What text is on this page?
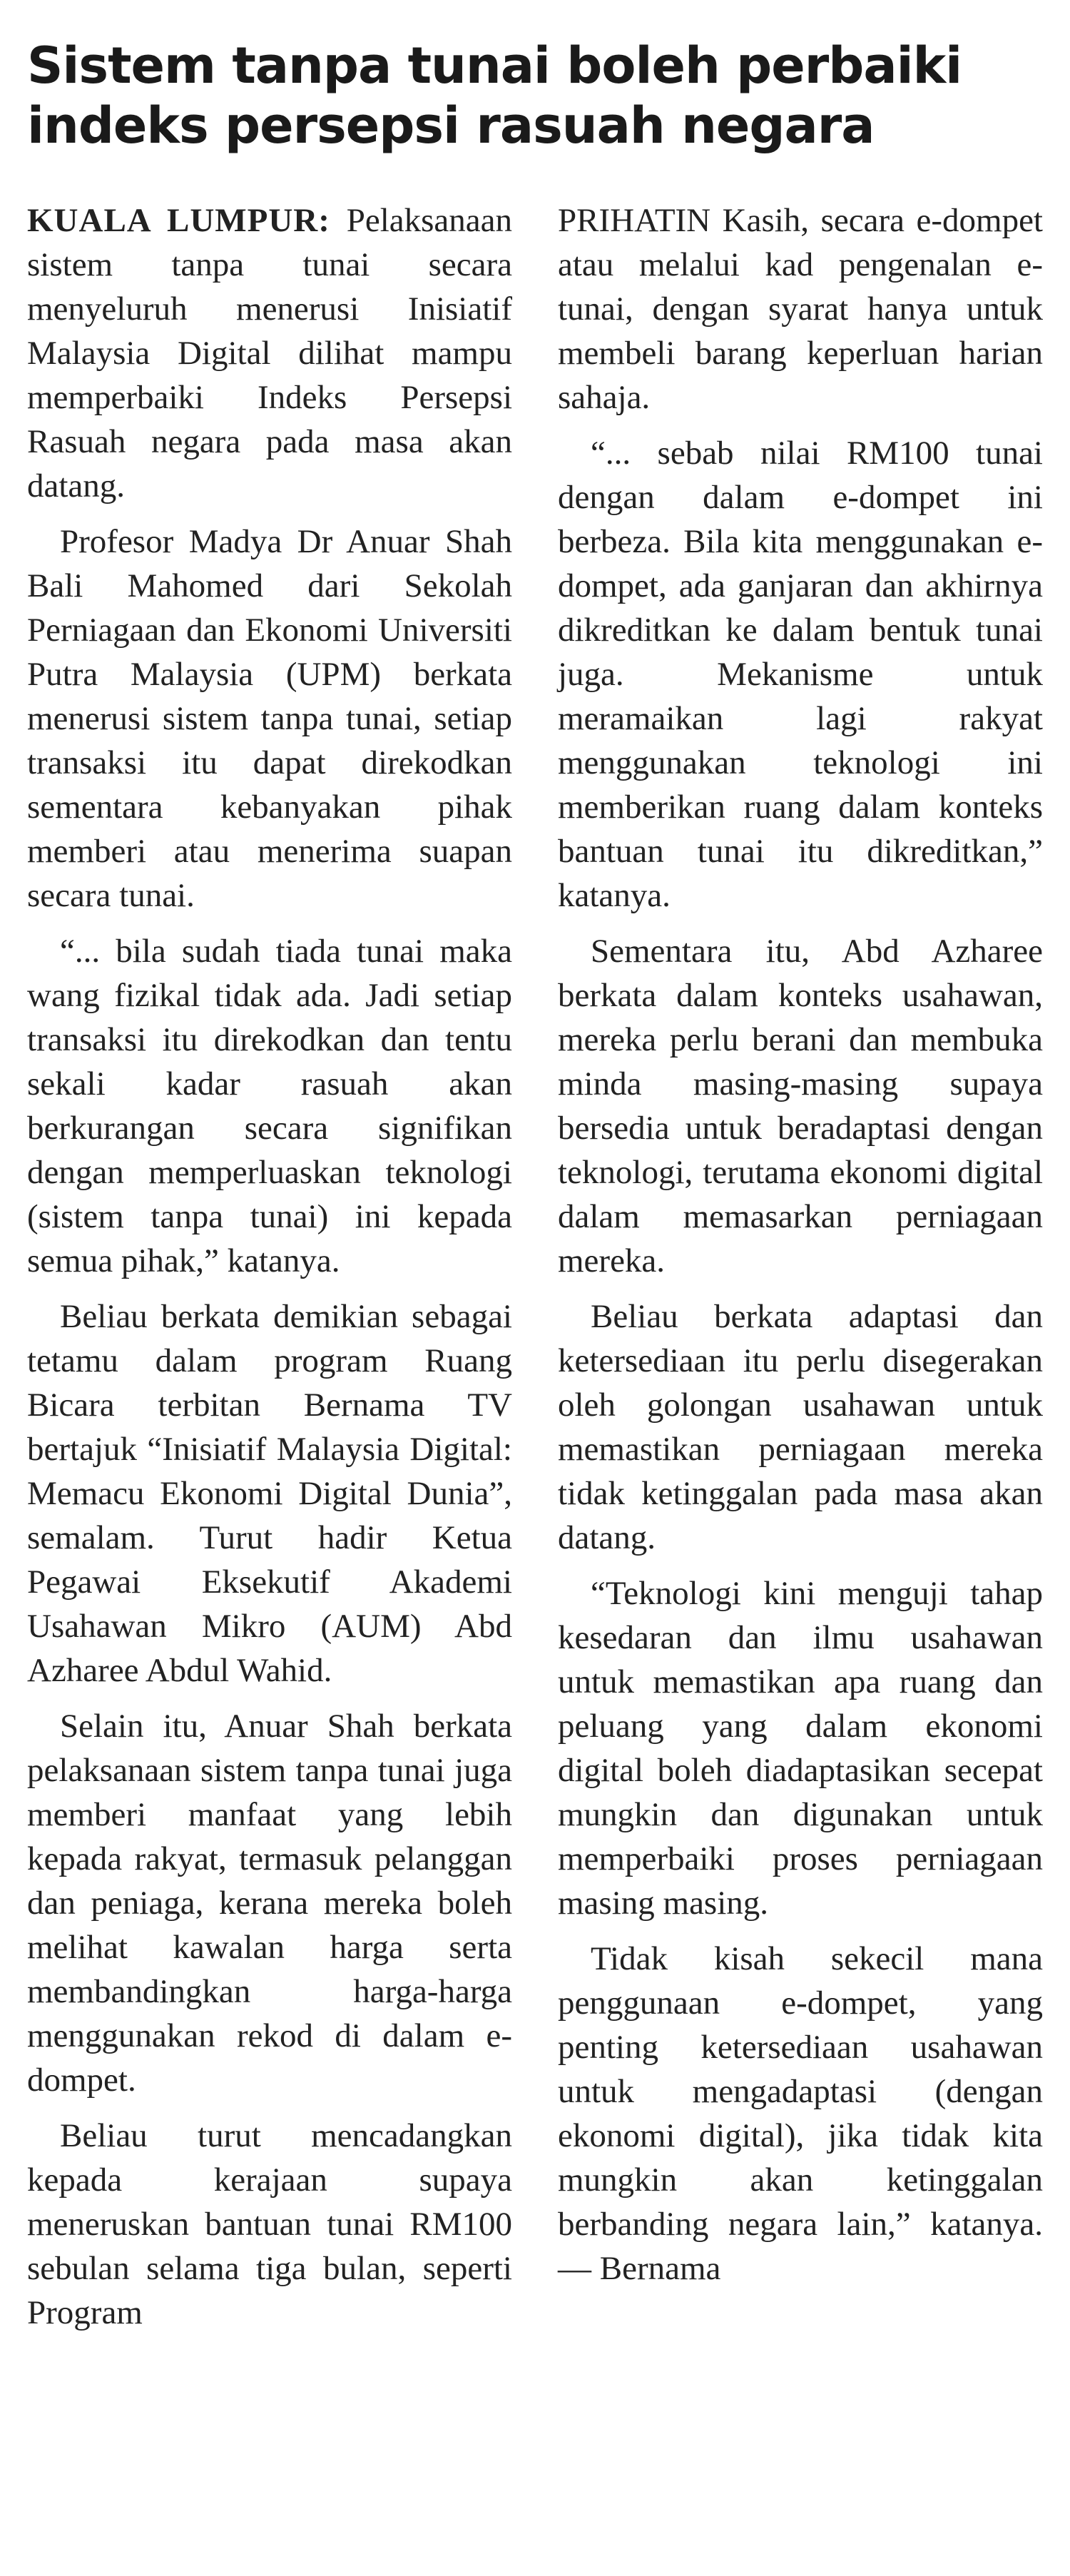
Sistem tanpa tunai boleh perbaiki
indeks persepsi rasuah negara

KUALA LUMPUR: Pelaksanaan sistem tanpa tunai secara menyeluruh menerusi Inisiatif Malaysia Digital dilihat mampu memperbaiki Indeks Persepsi Rasuah negara pada masa akan datang.

Profesor Madya Dr Anuar Shah Bali Mahomed dari Sekolah Perniagaan dan Ekonomi Universiti Putra Malaysia (UPM) berkata menerusi sistem tanpa tunai, setiap transaksi itu dapat direkodkan sementara kebanyakan pihak memberi atau menerima suapan secara tunai.

“... bila sudah tiada tunai maka wang fizikal tidak ada. Jadi setiap transaksi itu direkodkan dan tentu sekali kadar rasuah akan berkurangan secara signifikan dengan memperluaskan teknologi (sistem tanpa tunai) ini kepada semua pihak,” katanya.

Beliau berkata demikian sebagai tetamu dalam program Ruang Bicara terbitan Bernama TV bertajuk “Inisiatif Malaysia Digital: Memacu Ekonomi Digital Dunia”, semalam. Turut hadir Ketua Pegawai Eksekutif Akademi Usahawan Mikro (AUM) Abd Azharee Abdul Wahid.

Selain itu, Anuar Shah berkata pelaksanaan sistem tanpa tunai juga memberi manfaat yang lebih kepada rakyat, termasuk pelanggan dan peniaga, kerana mereka boleh melihat kawalan harga serta membandingkan harga-harga menggunakan rekod di dalam e-dompet.

Beliau turut mencadangkan kepada kerajaan supaya meneruskan bantuan tunai RM100 sebulan selama tiga bulan, seperti Program

PRIHATIN Kasih, secara e-dompet atau melalui kad pengenalan e-tunai, dengan syarat hanya untuk membeli barang keperluan harian sahaja.

“... sebab nilai RM100 tunai dengan dalam e-dompet ini berbeza. Bila kita menggunakan e-dompet, ada ganjaran dan akhirnya dikreditkan ke dalam bentuk tunai juga. Mekanisme untuk meramaikan lagi rakyat menggunakan teknologi ini memberikan ruang dalam konteks bantuan tunai itu dikreditkan,” katanya.

Sementara itu, Abd Azharee berkata dalam konteks usahawan, mereka perlu berani dan membuka minda masing-masing supaya bersedia untuk beradaptasi dengan teknologi, terutama ekonomi digital dalam memasarkan perniagaan mereka.

Beliau berkata adaptasi dan ketersediaan itu perlu disegerakan oleh golongan usahawan untuk memastikan perniagaan mereka tidak ketinggalan pada masa akan datang.

“Teknologi kini menguji tahap kesedaran dan ilmu usahawan untuk memastikan apa ruang dan peluang yang dalam ekonomi digital boleh diadaptasikan secepat mungkin dan digunakan untuk memperbaiki proses perniagaan masing masing.

Tidak kisah sekecil mana penggunaan e-dompet, yang penting ketersediaan usahawan untuk mengadaptasi (dengan ekonomi digital), jika tidak kita mungkin akan ketinggalan berbanding negara lain,” katanya. — Bernama
